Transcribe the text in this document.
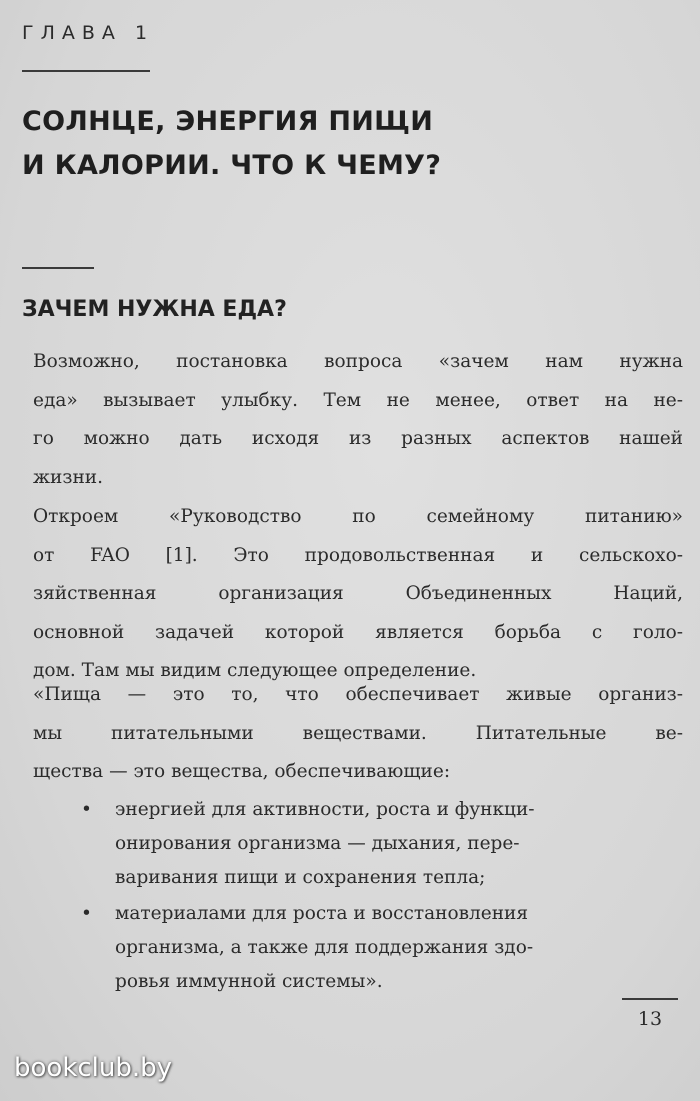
ГЛАВА 1
СОЛНЦЕ, ЭНЕРГИЯ ПИЩИ
И КАЛОРИИ. ЧТО К ЧЕМУ?
ЗАЧЕМ НУЖНА ЕДА?
Возможно, постановка вопроса «зачем нам нужна
еда» вызывает улыбку. Тем не менее, ответ на не-
го можно дать исходя из разных аспектов нашей
жизни.
Откроем «Руководство по семейному питанию»
от FAO [1]. Это продовольственная и сельскохо-
зяйственная организация Объединенных Наций,
основной задачей которой является борьба с голо-
дом. Там мы видим следующее определение.
«Пища — это то, что обеспечивает живые организ-
мы питательными веществами. Питательные ве-
щества — это вещества, обеспечивающие:
• энергией для активности, роста и функци-
онирования организма — дыхания, пере-
варивания пищи и сохранения тепла;
• материалами для роста и восстановления
организма, а также для поддержания здо-
ровья иммунной системы».
13
bookclub.by
